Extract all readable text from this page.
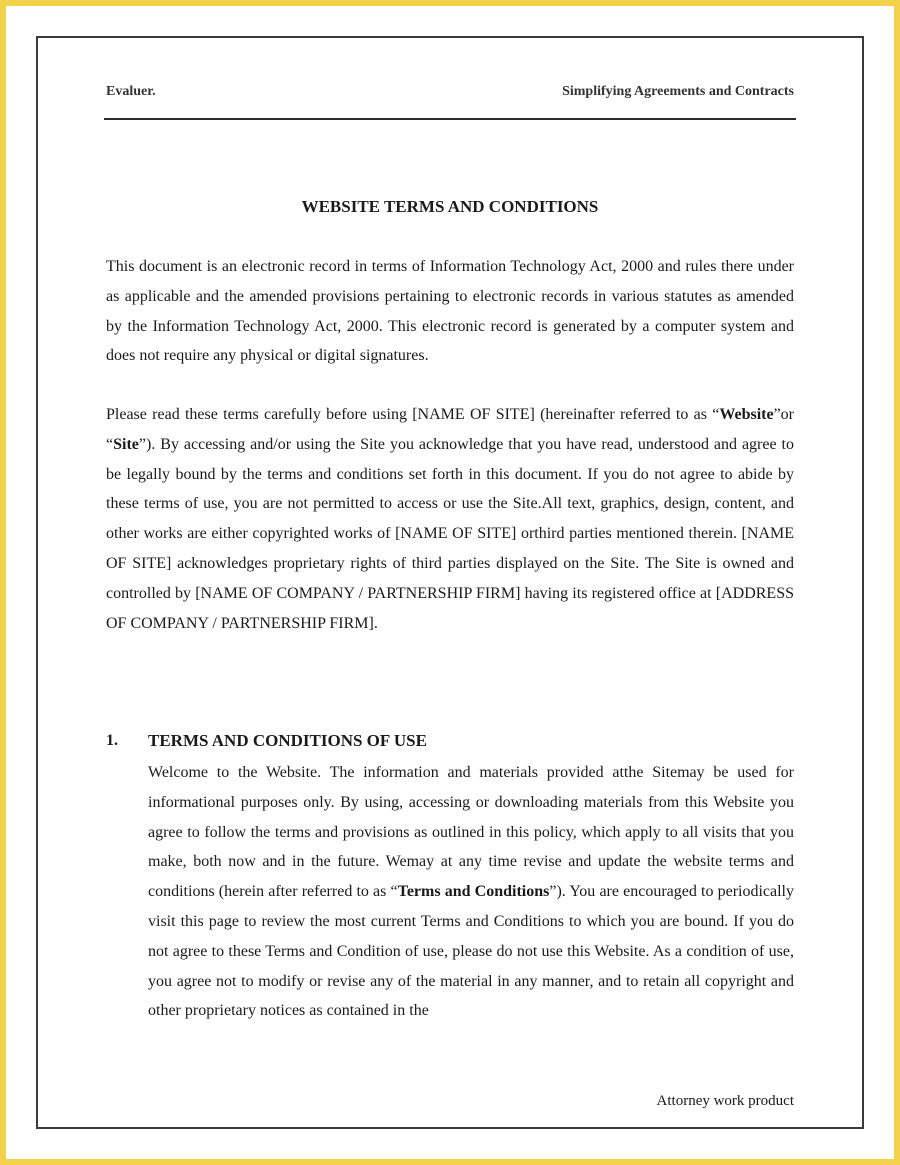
Evaluer.	Simplifying Agreements and Contracts
WEBSITE TERMS AND CONDITIONS

This document is an electronic record in terms of Information Technology Act, 2000 and rules there under as applicable and the amended provisions pertaining to electronic records in various statutes as amended by the Information Technology Act, 2000. This electronic record is generated by a computer system and does not require any physical or digital signatures.

Please read these terms carefully before using [NAME OF SITE] (hereinafter referred to as “Website”or “Site”). By accessing and/or using the Site you acknowledge that you have read, understood and agree to be legally bound by the terms and conditions set forth in this document. If you do not agree to abide by these terms of use, you are not permitted to access or use the Site.All text, graphics, design, content, and other works are either copyrighted works of [NAME OF SITE] orthird parties mentioned therein. [NAME OF SITE] acknowledges proprietary rights of third parties displayed on the Site. The Site is owned and controlled by [NAME OF COMPANY / PARTNERSHIP FIRM] having its registered office at [ADDRESS OF COMPANY / PARTNERSHIP FIRM].

1. TERMS AND CONDITIONS OF USE

Welcome to the Website. The information and materials provided atthe Sitemay be used for informational purposes only. By using, accessing or downloading materials from this Website you agree to follow the terms and provisions as outlined in this policy, which apply to all visits that you make, both now and in the future. Wemay at any time revise and update the website terms and conditions (herein after referred to as “Terms and Conditions”). You are encouraged to periodically visit this page to review the most current Terms and Conditions to which you are bound. If you do not agree to these Terms and Condition of use, please do not use this Website. As a condition of use, you agree not to modify or revise any of the material in any manner, and to retain all copyright and other proprietary notices as contained in the

Attorney work product
